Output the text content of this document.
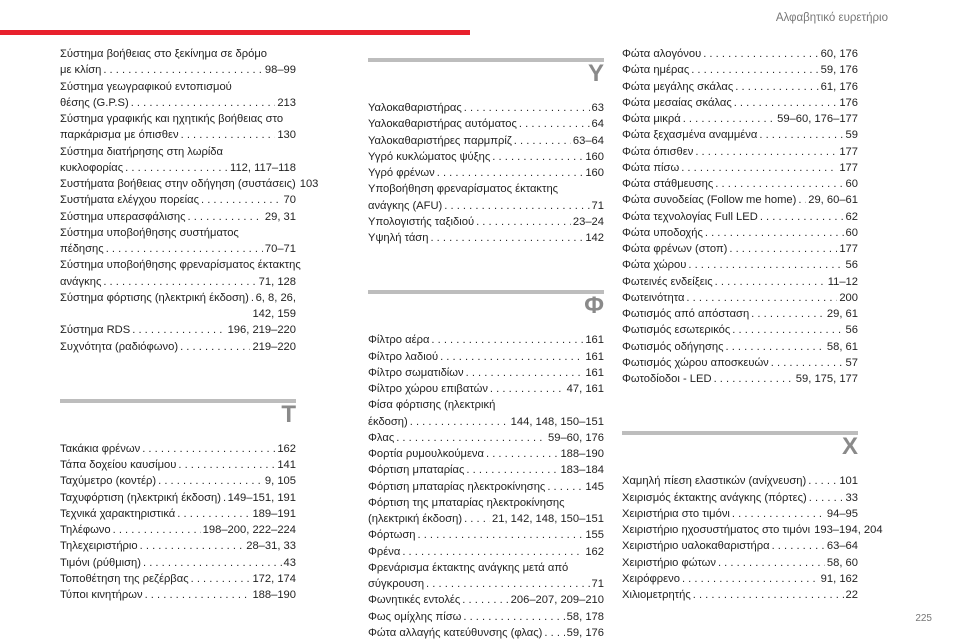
Αλφαβητικό ευρετήριο
Σύστημα βοήθειας στο ξεκίνημα σε δρόμο
με κλίση . . .	98–99
Σύστημα γεωγραφικού εντοπισμού
θέσης (G.P.S) . . .	213
Σύστημα γραφικής και ηχητικής βοήθειας στο
παρκάρισμα με όπισθεν . . .	130
Σύστημα διατήρησης στη λωρίδα
κυκλοφορίας . . .	112, 117–118
Συστήματα βοήθειας στην οδήγηση (συστάσεις) 103
Συστήματα ελέγχου πορείας . . .	70
Σύστημα υπερασφάλισης . . .	29, 31
Σύστημα υποβοήθησης συστήματος
πέδησης . . .	70–71
Σύστημα υποβοήθησης φρεναρίσματος έκτακτης
ανάγκης . . .	71, 128
Σύστημα φόρτισης (ηλεκτρική έκδοση) . . . 6, 8, 26,
142, 159
Σύστημα RDS . . .	196, 219–220
Συχνότητα (ραδιόφωνο) . . .	219–220
Τ
Τακάκια φρένων . . .	162
Τάπα δοχείου καυσίμου . . .	141
Ταχύμετρο (κοντέρ) . . .	9, 105
Ταχυφόρτιση (ηλεκτρική έκδοση) . . . 149–151, 191
Τεχνικά χαρακτηριστικά . . .	189–191
Τηλέφωνο . . .	198–200, 222–224
Τηλεχειριστήριο . . .	28–31, 33
Τιμόνι (ρύθμιση) . . .	43
Τοποθέτηση της ρεζέρβας . . .	172, 174
Τύποι κινητήρων . . .	188–190
Υ
Υαλοκαθαριστήρας . . .	63
Υαλοκαθαριστήρας αυτόματος . . .	64
Υαλοκαθαριστήρες παρμπρίζ . . .	63–64
Υγρό κυκλώματος ψύξης . . .	160
Υγρό φρένων . . .	160
Υποβοήθηση φρεναρίσματος έκτακτης
ανάγκης (AFU) . . .	71
Υπολογιστής ταξιδιού . . .	23–24
Υψηλή τάση . . .	142
Φ
Φίλτρο αέρα . . .	161
Φίλτρο λαδιού . . .	161
Φίλτρο σωματιδίων . . .	161
Φίλτρο χώρου επιβατών . . .	47, 161
Φίσα φόρτισης (ηλεκτρική
έκδοση) . . .	144, 148, 150–151
Φλας . . .	59–60, 176
Φορτία ρυμουλκούμενα . . .	188–190
Φόρτιση μπαταρίας . . .	183–184
Φόρτιση μπαταρίας ηλεκτροκίνησης . . .	145
Φόρτιση της μπαταρίας ηλεκτροκίνησης
(ηλεκτρική έκδοση) . . .	21, 142, 148, 150–151
Φόρτωση . . .	155
Φρένα . . .	162
Φρενάρισμα έκτακτης ανάγκης μετά από
σύγκρουση . . .	71
Φωνητικές εντολές . . .	206–207, 209–210
Φως ομίχλης πίσω . . .	58, 178
Φώτα αλλαγής κατεύθυνσης (φλας) . . . 59, 176
Φώτα αλογόνου . . .	60, 176
Φώτα ημέρας . . .	59, 176
Φώτα μεγάλης σκάλας . . .	61, 176
Φώτα μεσαίας σκάλας . . .	176
Φώτα μικρά . . .	59–60, 176–177
Φώτα ξεχασμένα αναμμένα . . .	59
Φώτα όπισθεν . . .	177
Φώτα πίσω . . .	177
Φώτα στάθμευσης . . .	60
Φώτα συνοδείας (Follow me home) . . . 29, 60–61
Φώτα τεχνολογίας Full LED . . .	62
Φώτα υποδοχής . . .	60
Φώτα φρένων (στοπ) . . .	177
Φώτα χώρου . . .	56
Φωτεινές ενδείξεις . . .	11–12
Φωτεινότητα . . .	200
Φωτισμός από απόσταση . . .	29, 61
Φωτισμός εσωτερικός . . .	56
Φωτισμός οδήγησης . . .	58, 61
Φωτισμός χώρου αποσκευών . . .	57
Φωτοδίοδοι - LED . . .	59, 175, 177
Χ
Χαμηλή πίεση ελαστικών (ανίχνευση) . . .	101
Χειρισμός έκτακτης ανάγκης (πόρτες) . . .	33
Χειριστήρια στο τιμόνι . . .	94–95
Χειριστήριο ηχοσυστήματος στο τιμόνι 193–194, 204
Χειριστήριο υαλοκαθαριστήρα . . .	63–64
Χειριστήριο φώτων . . .	58, 60
Χειρόφρενο . . .	91, 162
Χιλιομετρητής . . .	22
225
